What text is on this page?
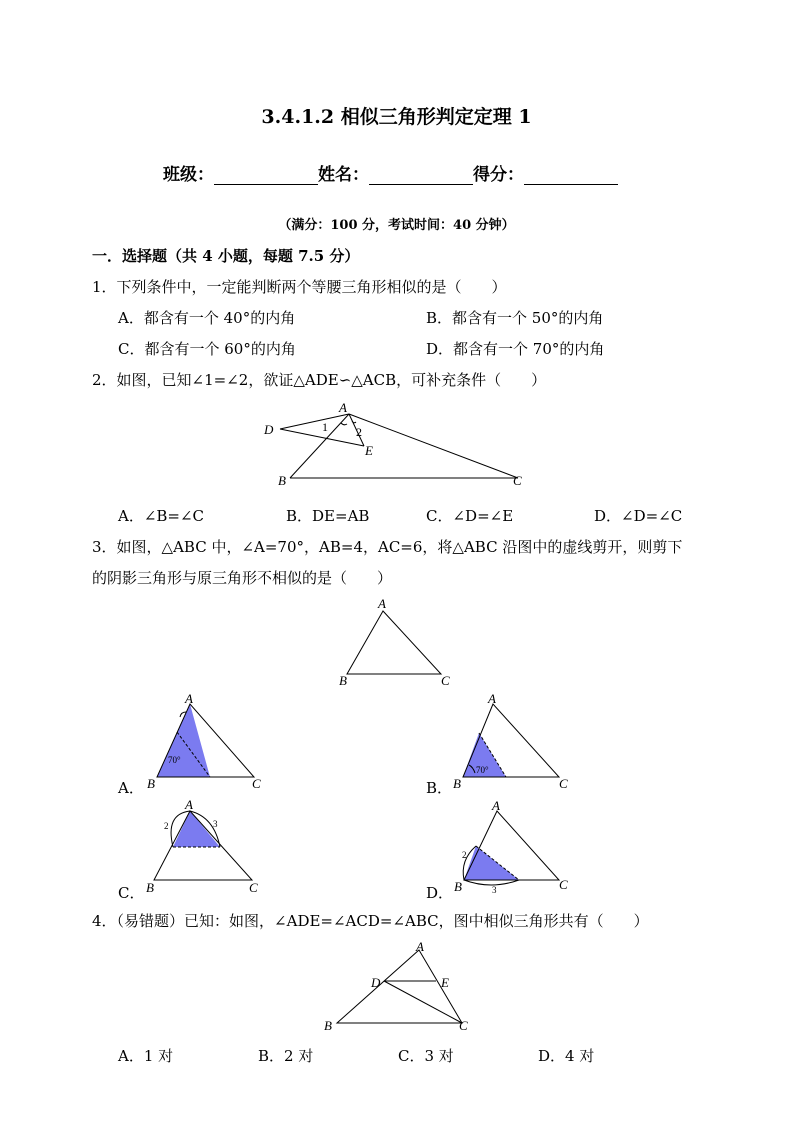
3.4.1.2 相似三角形判定定理 1
班级：	姓名：	得分：
（满分：100 分，考试时间：40 分钟）
一．选择题（共 4 小题，每题 7.5 分）
1．下列条件中，一定能判断两个等腰三角形相似的是（　　）
A．都含有一个 40°的内角	B．都含有一个 50°的内角
C．都含有一个 60°的内角	D．都含有一个 70°的内角
2．如图，已知∠1=∠2，欲证△ADE∽△ACB，可补充条件（　　）
A
D
E
B	C
1 2
A．∠B=∠C	B．DE=AB	C．∠D=∠E	D．∠D=∠C
3．如图，△ABC 中，∠A=70°，AB=4，AC=6，将△ABC 沿图中的虚线剪开，则剪下
的阴影三角形与原三角形不相似的是（　　）
A
B	C
A．
70°
A
B	C	B．
70°
A
B	C
C．
2	3
A
B	C	D．
2
3
A
B	C
4．（易错题）已知：如图，∠ADE=∠ACD=∠ABC，图中相似三角形共有（　　）
A
D	E
B	C
A．1 对	B．2 对	C．3 对	D．4 对
